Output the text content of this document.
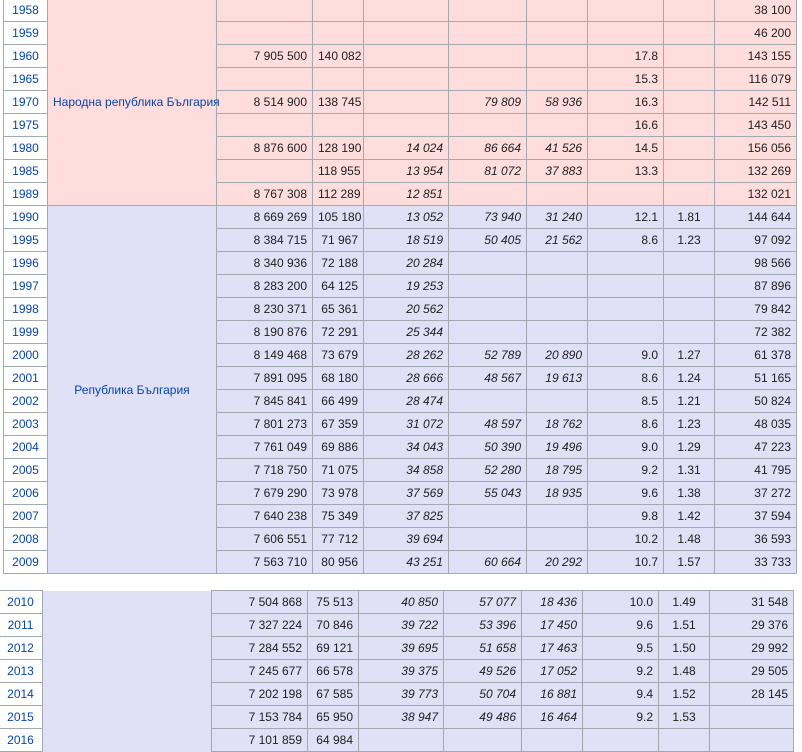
1958	Народна република България								38 100
1959									46 200
1960		7 905 500	140 082				17.8		143 155
1965							15.3		116 079
1970		8 514 900	138 745		79 809	58 936	16.3		142 511
1975							16.6		143 450
1980		8 876 600	128 190	14 024	86 664	41 526	14.5		156 056
1985			118 955	13 954	81 072	37 883	13.3		132 269
1989		8 767 308	112 289	12 851					132 021
1990	Република България	8 669 269	105 180	13 052	73 940	31 240	12.1	1.81	144 644
1995		8 384 715	71 967	18 519	50 405	21 562	8.6	1.23	97 092
1996		8 340 936	72 188	20 284					98 566
1997		8 283 200	64 125	19 253					87 896
1998		8 230 371	65 361	20 562					79 842
1999		8 190 876	72 291	25 344					72 382
2000		8 149 468	73 679	28 262	52 789	20 890	9.0	1.27	61 378
2001		7 891 095	68 180	28 666	48 567	19 613	8.6	1.24	51 165
2002		7 845 841	66 499	28 474			8.5	1.21	50 824
2003		7 801 273	67 359	31 072	48 597	18 762	8.6	1.23	48 035
2004		7 761 049	69 886	34 043	50 390	19 496	9.0	1.29	47 223
2005		7 718 750	71 075	34 858	52 280	18 795	9.2	1.31	41 795
2006		7 679 290	73 978	37 569	55 043	18 935	9.6	1.38	37 272
2007		7 640 238	75 349	37 825			9.8	1.42	37 594
2008		7 606 551	77 712	39 694			10.2	1.48	36 593
2009		7 563 710	80 956	43 251	60 664	20 292	10.7	1.57	33 733
2010		7 504 868	75 513	40 850	57 077	18 436	10.0	1.49	31 548
2011		7 327 224	70 846	39 722	53 396	17 450	9.6	1.51	29 376
2012		7 284 552	69 121	39 695	51 658	17 463	9.5	1.50	29 992
2013		7 245 677	66 578	39 375	49 526	17 052	9.2	1.48	29 505
2014		7 202 198	67 585	39 773	50 704	16 881	9.4	1.52	28 145
2015		7 153 784	65 950	38 947	49 486	16 464	9.2	1.53	
2016		7 101 859	64 984						
